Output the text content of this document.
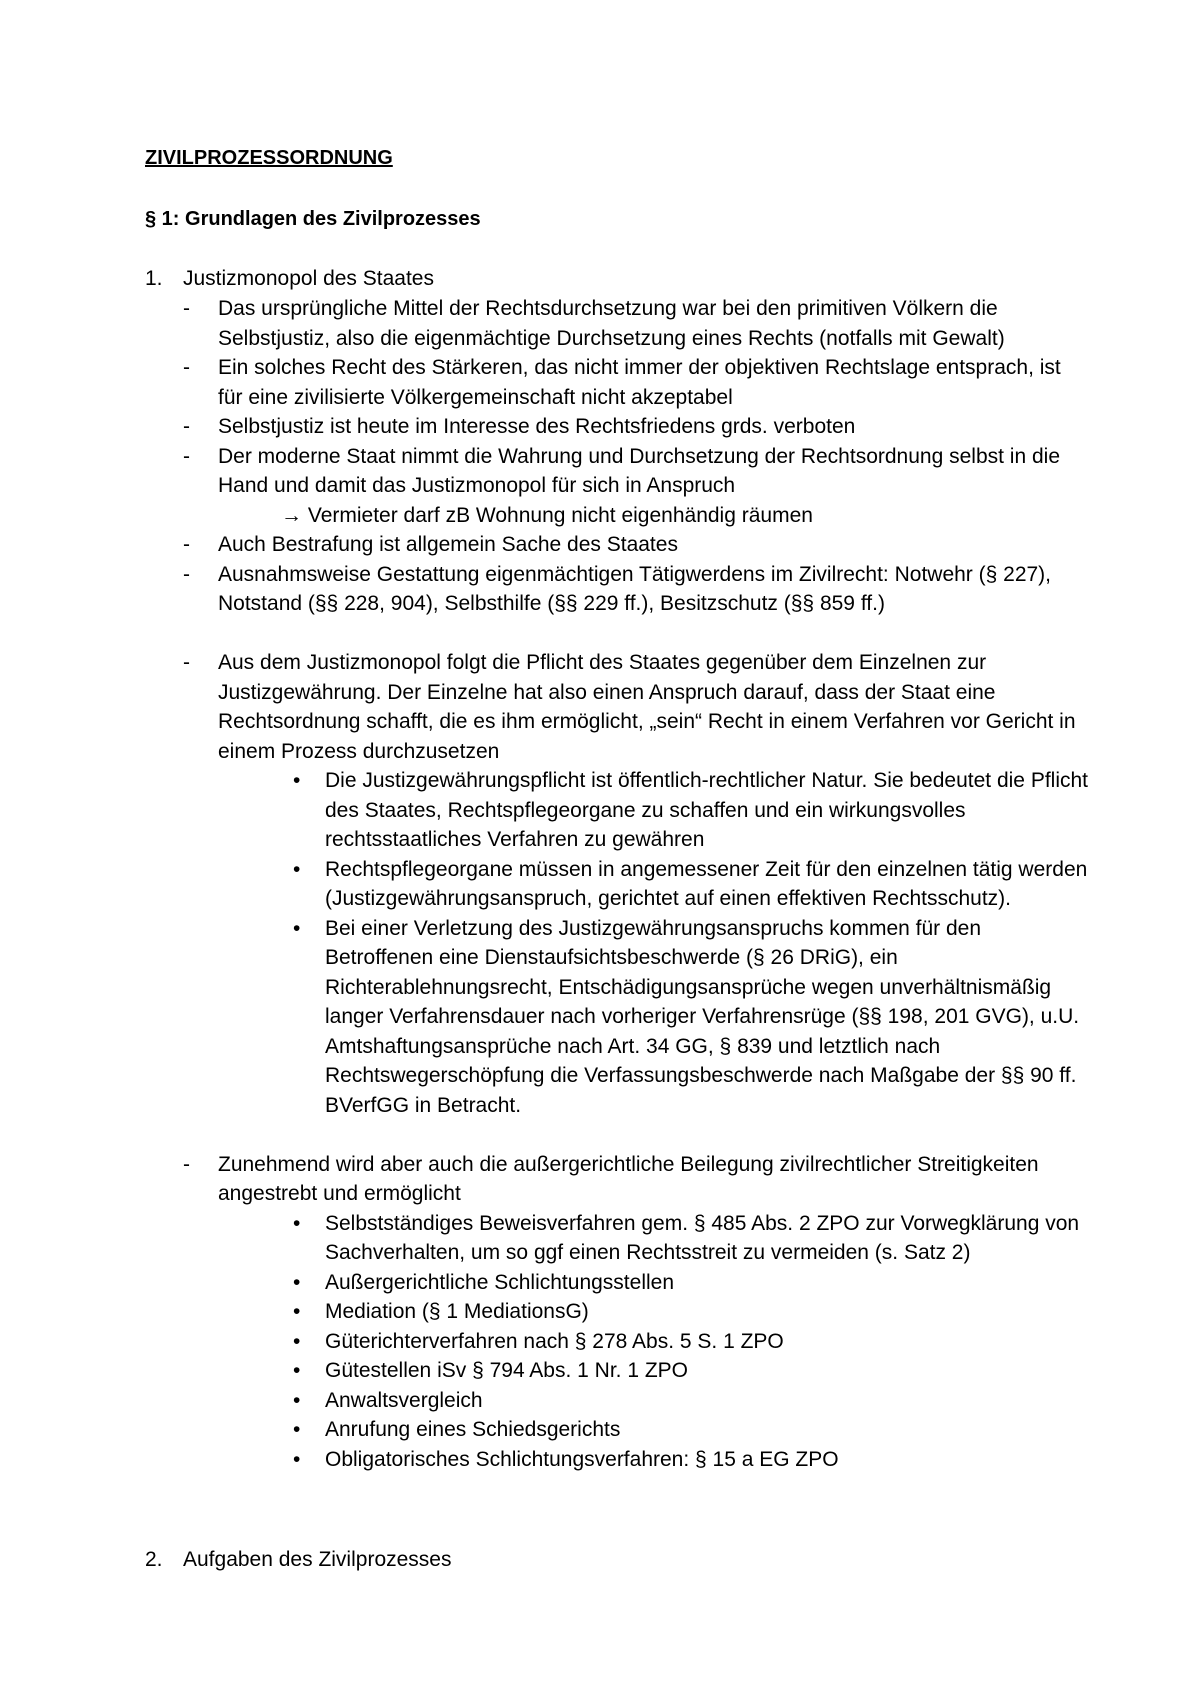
ZIVILPROZESSORDNUNG
§ 1: Grundlagen des Zivilprozesses
1. Justizmonopol des Staates
- Das ursprüngliche Mittel der Rechtsdurchsetzung war bei den primitiven Völkern die Selbstjustiz, also die eigenmächtige Durchsetzung eines Rechts (notfalls mit Gewalt)
- Ein solches Recht des Stärkeren, das nicht immer der objektiven Rechtslage entsprach, ist für eine zivilisierte Völkergemeinschaft nicht akzeptabel
- Selbstjustiz ist heute im Interesse des Rechtsfriedens grds. verboten
- Der moderne Staat nimmt die Wahrung und Durchsetzung der Rechtsordnung selbst in die Hand und damit das Justizmonopol für sich in Anspruch
→ Vermieter darf zB Wohnung nicht eigenhändig räumen
- Auch Bestrafung ist allgemein Sache des Staates
- Ausnahmsweise Gestattung eigenmächtigen Tätigwerdens im Zivilrecht: Notwehr (§ 227), Notstand (§§ 228, 904), Selbsthilfe (§§ 229 ff.), Besitzschutz (§§ 859 ff.)
- Aus dem Justizmonopol folgt die Pflicht des Staates gegenüber dem Einzelnen zur Justizgewährung. Der Einzelne hat also einen Anspruch darauf, dass der Staat eine Rechtsordnung schafft, die es ihm ermöglicht, „sein“ Recht in einem Verfahren vor Gericht in einem Prozess durchzusetzen
• Die Justizgewährungspflicht ist öffentlich-rechtlicher Natur. Sie bedeutet die Pflicht des Staates, Rechtspflegeorgane zu schaffen und ein wirkungsvolles rechtsstaatliches Verfahren zu gewähren
• Rechtspflegeorgane müssen in angemessener Zeit für den einzelnen tätig werden (Justizgewährungsanspruch, gerichtet auf einen effektiven Rechtsschutz).
• Bei einer Verletzung des Justizgewährungsanspruchs kommen für den Betroffenen eine Dienstaufsichtsbeschwerde (§ 26 DRiG), ein Richterablehnungsrecht, Entschädigungsansprüche wegen unverhältnismäßig langer Verfahrensdauer nach vorheriger Verfahrensrüge (§§ 198, 201 GVG), u.U. Amtshaftungsansprüche nach Art. 34 GG, § 839 und letztlich nach Rechtswegerschöpfung die Verfassungsbeschwerde nach Maßgabe der §§ 90 ff. BVerfGG in Betracht.
- Zunehmend wird aber auch die außergerichtliche Beilegung zivilrechtlicher Streitigkeiten angestrebt und ermöglicht
• Selbstständiges Beweisverfahren gem. § 485 Abs. 2 ZPO zur Vorwegklärung von Sachverhalten, um so ggf einen Rechtsstreit zu vermeiden (s. Satz 2)
• Außergerichtliche Schlichtungsstellen
• Mediation (§ 1 MediationsG)
• Güterichterverfahren nach § 278 Abs. 5 S. 1 ZPO
• Gütestellen iSv § 794 Abs. 1 Nr. 1 ZPO
• Anwaltsvergleich
• Anrufung eines Schiedsgerichts
• Obligatorisches Schlichtungsverfahren: § 15 a EG ZPO
2. Aufgaben des Zivilprozesses
